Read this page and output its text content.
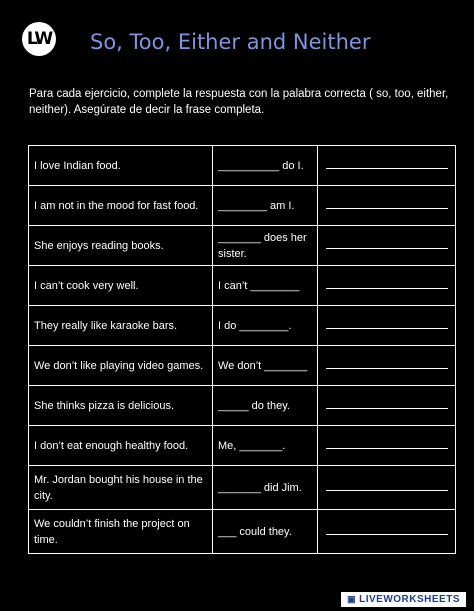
LW So, Too, Either and Neither
Para cada ejercicio, complete la respuesta con la palabra correcta ( so, too, either, neither). Asegúrate de decir la frase completa.
I love Indian food.	__________ do I.	
I am not in the mood for fast food.	________ am I.	
She enjoys reading books.	_______ does her sister.	
I can’t cook very well.	I can’t ________	
They really like karaoke bars.	I do ________.	
We don’t like playing video games.	We don’t _______	
She thinks pizza is delicious.	_____ do they.	
I don’t eat enough healthy food.	Me, _______.	
Mr. Jordan bought his house in the city.	_______ did Jim.	
We couldn’t finish the project on time.	___ could they.	
▣ LIVEWORKSHEETS
